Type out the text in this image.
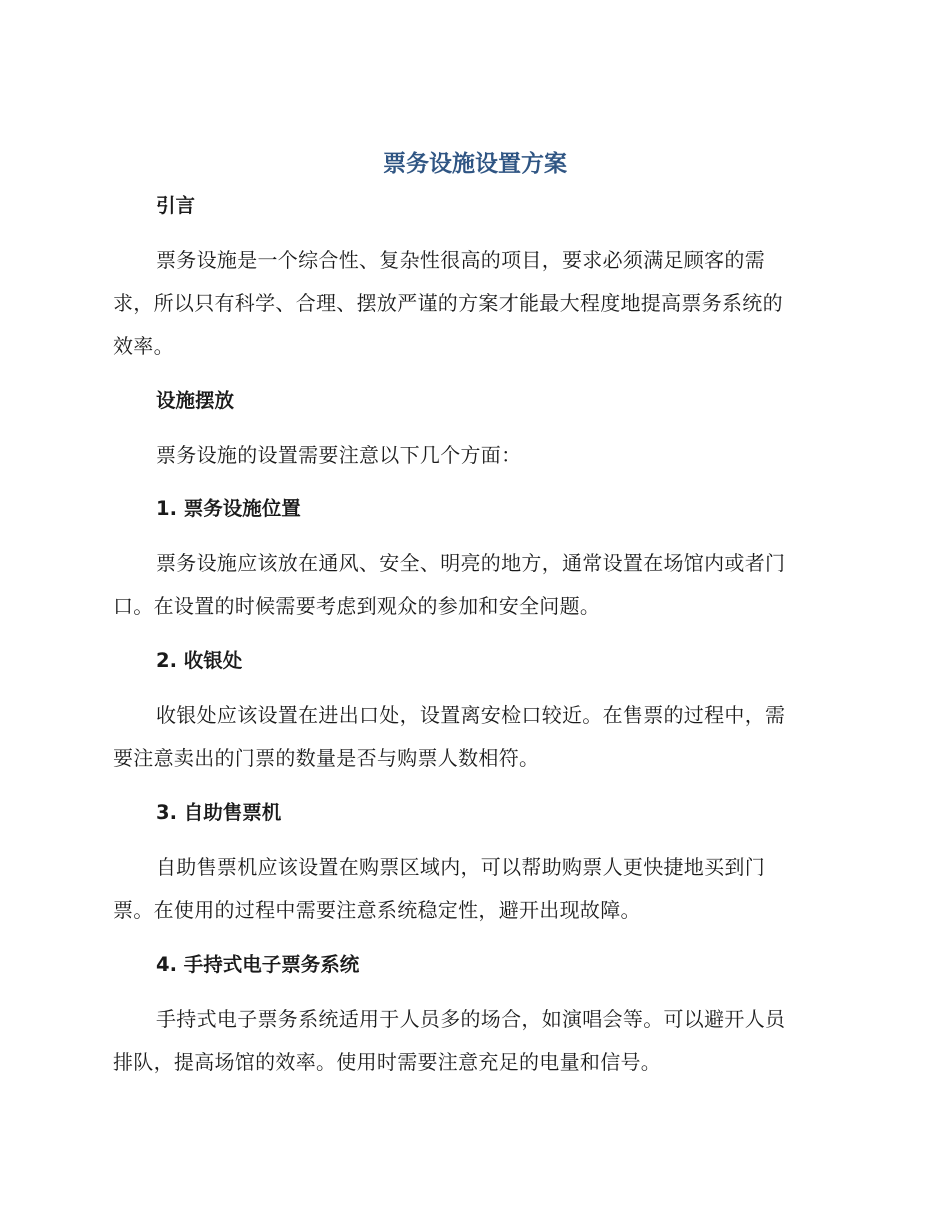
票务设施设置方案
引言

票务设施是一个综合性、复杂性很高的项目，要求必须满足顾客的需
求，所以只有科学、合理、摆放严谨的方案才能最大程度地提高票务系统的
效率。

设施摆放

票务设施的设置需要注意以下几个方面：

1. 票务设施位置

票务设施应该放在通风、安全、明亮的地方，通常设置在场馆内或者门
口。在设置的时候需要考虑到观众的参加和安全问题。

2. 收银处

收银处应该设置在进出口处，设置离安检口较近。在售票的过程中，需
要注意卖出的门票的数量是否与购票人数相符。

3. 自助售票机

自助售票机应该设置在购票区域内，可以帮助购票人更快捷地买到门
票。在使用的过程中需要注意系统稳定性，避开出现故障。

4. 手持式电子票务系统

手持式电子票务系统适用于人员多的场合，如演唱会等。可以避开人员
排队，提高场馆的效率。使用时需要注意充足的电量和信号。
